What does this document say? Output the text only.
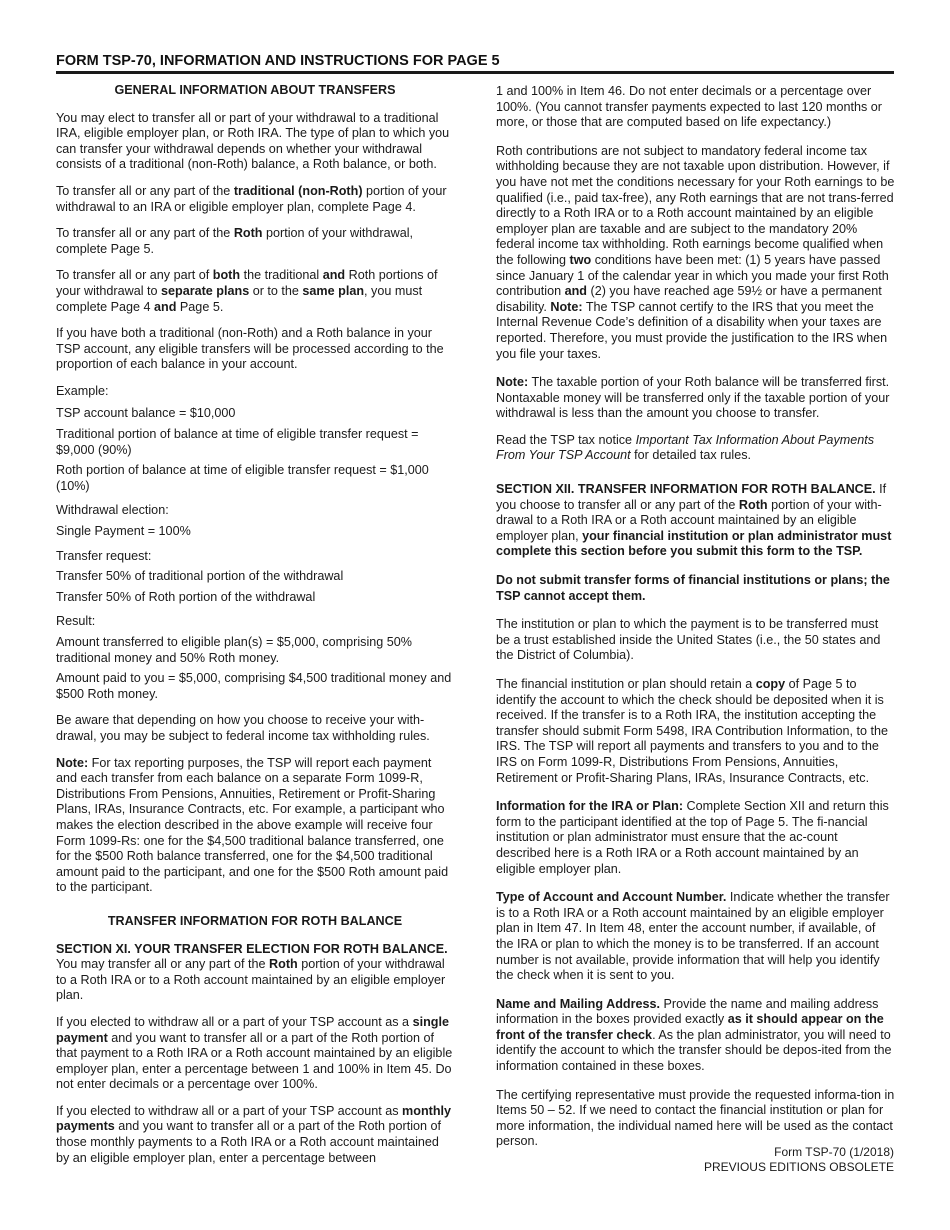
FORM TSP-70, INFORMATION AND INSTRUCTIONS FOR PAGE 5
GENERAL INFORMATION ABOUT TRANSFERS

You may elect to transfer all or part of your withdrawal to a traditional IRA, eligible employer plan, or Roth IRA. The type of plan to which you can transfer your withdrawal depends on whether your withdrawal consists of a traditional (non-Roth) balance, a Roth balance, or both.

To transfer all or any part of the traditional (non-Roth) portion of your withdrawal to an IRA or eligible employer plan, complete Page 4.

To transfer all or any part of the Roth portion of your withdrawal, complete Page 5.

To transfer all or any part of both the traditional and Roth portions of your withdrawal to separate plans or to the same plan, you must complete Page 4 and Page 5.

If you have both a traditional (non-Roth) and a Roth balance in your TSP account, any eligible transfers will be processed according to the proportion of each balance in your account.

Example:
TSP account balance = $10,000
Traditional portion of balance at time of eligible transfer request = $9,000 (90%)
Roth portion of balance at time of eligible transfer request = $1,000 (10%)
Withdrawal election:
Single Payment = 100%
Transfer request:
Transfer 50% of traditional portion of the withdrawal
Transfer 50% of Roth portion of the withdrawal
Result:
Amount transferred to eligible plan(s) = $5,000, comprising 50% traditional money and 50% Roth money.
Amount paid to you = $5,000, comprising $4,500 traditional money and $500 Roth money.

Be aware that depending on how you choose to receive your with-drawal, you may be subject to federal income tax withholding rules.

Note: For tax reporting purposes, the TSP will report each payment and each transfer from each balance on a separate Form 1099-R, Distributions From Pensions, Annuities, Retirement or Profit-Sharing Plans, IRAs, Insurance Contracts, etc. For example, a participant who makes the election described in the above example will receive four Form 1099-Rs: one for the $4,500 traditional balance transferred, one for the $500 Roth balance transferred, one for the $4,500 traditional amount paid to the participant, and one for the $500 Roth amount paid to the participant.

TRANSFER INFORMATION FOR ROTH BALANCE

SECTION XI. YOUR TRANSFER ELECTION FOR ROTH BALANCE. You may transfer all or any part of the Roth portion of your withdrawal to a Roth IRA or to a Roth account maintained by an eligible employer plan.

If you elected to withdraw all or a part of your TSP account as a single payment and you want to transfer all or a part of the Roth portion of that payment to a Roth IRA or a Roth account maintained by an eligible employer plan, enter a percentage between 1 and 100% in Item 45. Do not enter decimals or a percentage over 100%.

If you elected to withdraw all or a part of your TSP account as monthly payments and you want to transfer all or a part of the Roth portion of those monthly payments to a Roth IRA or a Roth account maintained by an eligible employer plan, enter a percentage between

1 and 100% in Item 46. Do not enter decimals or a percentage over 100%. (You cannot transfer payments expected to last 120 months or more, or those that are computed based on life expectancy.)

Roth contributions are not subject to mandatory federal income tax withholding because they are not taxable upon distribution. However, if you have not met the conditions necessary for your Roth earnings to be qualified (i.e., paid tax-free), any Roth earnings that are not trans-ferred directly to a Roth IRA or to a Roth account maintained by an eligible employer plan are taxable and are subject to the mandatory 20% federal income tax withholding. Roth earnings become qualified when the following two conditions have been met: (1) 5 years have passed since January 1 of the calendar year in which you made your first Roth contribution and (2) you have reached age 59½ or have a permanent disability. Note: The TSP cannot certify to the IRS that you meet the Internal Revenue Code’s definition of a disability when your taxes are reported. Therefore, you must provide the justification to the IRS when you file your taxes.

Note: The taxable portion of your Roth balance will be transferred first. Nontaxable money will be transferred only if the taxable portion of your withdrawal is less than the amount you choose to transfer.

Read the TSP tax notice Important Tax Information About Payments From Your TSP Account for detailed tax rules.

SECTION XII. TRANSFER INFORMATION FOR ROTH BALANCE. If you choose to transfer all or any part of the Roth portion of your with-drawal to a Roth IRA or a Roth account maintained by an eligible employer plan, your financial institution or plan administrator must complete this section before you submit this form to the TSP.

Do not submit transfer forms of financial institutions or plans; the TSP cannot accept them.

The institution or plan to which the payment is to be transferred must be a trust established inside the United States (i.e., the 50 states and the District of Columbia).

The financial institution or plan should retain a copy of Page 5 to identify the account to which the check should be deposited when it is received. If the transfer is to a Roth IRA, the institution accepting the transfer should submit Form 5498, IRA Contribution Information, to the IRS. The TSP will report all payments and transfers to you and to the IRS on Form 1099-R, Distributions From Pensions, Annuities, Retirement or Profit-Sharing Plans, IRAs, Insurance Contracts, etc.

Information for the IRA or Plan: Complete Section XII and return this form to the participant identified at the top of Page 5. The fi-nancial institution or plan administrator must ensure that the ac-count described here is a Roth IRA or a Roth account maintained by an eligible employer plan.

Type of Account and Account Number. Indicate whether the transfer is to a Roth IRA or a Roth account maintained by an eligible employer plan in Item 47. In Item 48, enter the account number, if available, of the IRA or plan to which the money is to be transferred. If an account number is not available, provide information that will help you identify the check when it is sent to you.

Name and Mailing Address. Provide the name and mailing address information in the boxes provided exactly as it should appear on the front of the transfer check. As the plan administrator, you will need to identify the account to which the transfer should be depos-ited from the information contained in these boxes.

The certifying representative must provide the requested informa-tion in Items 50 – 52. If we need to contact the financial institution or plan for more information, the individual named here will be used as the contact person.

Form TSP-70 (1/2018)
PREVIOUS EDITIONS OBSOLETE
